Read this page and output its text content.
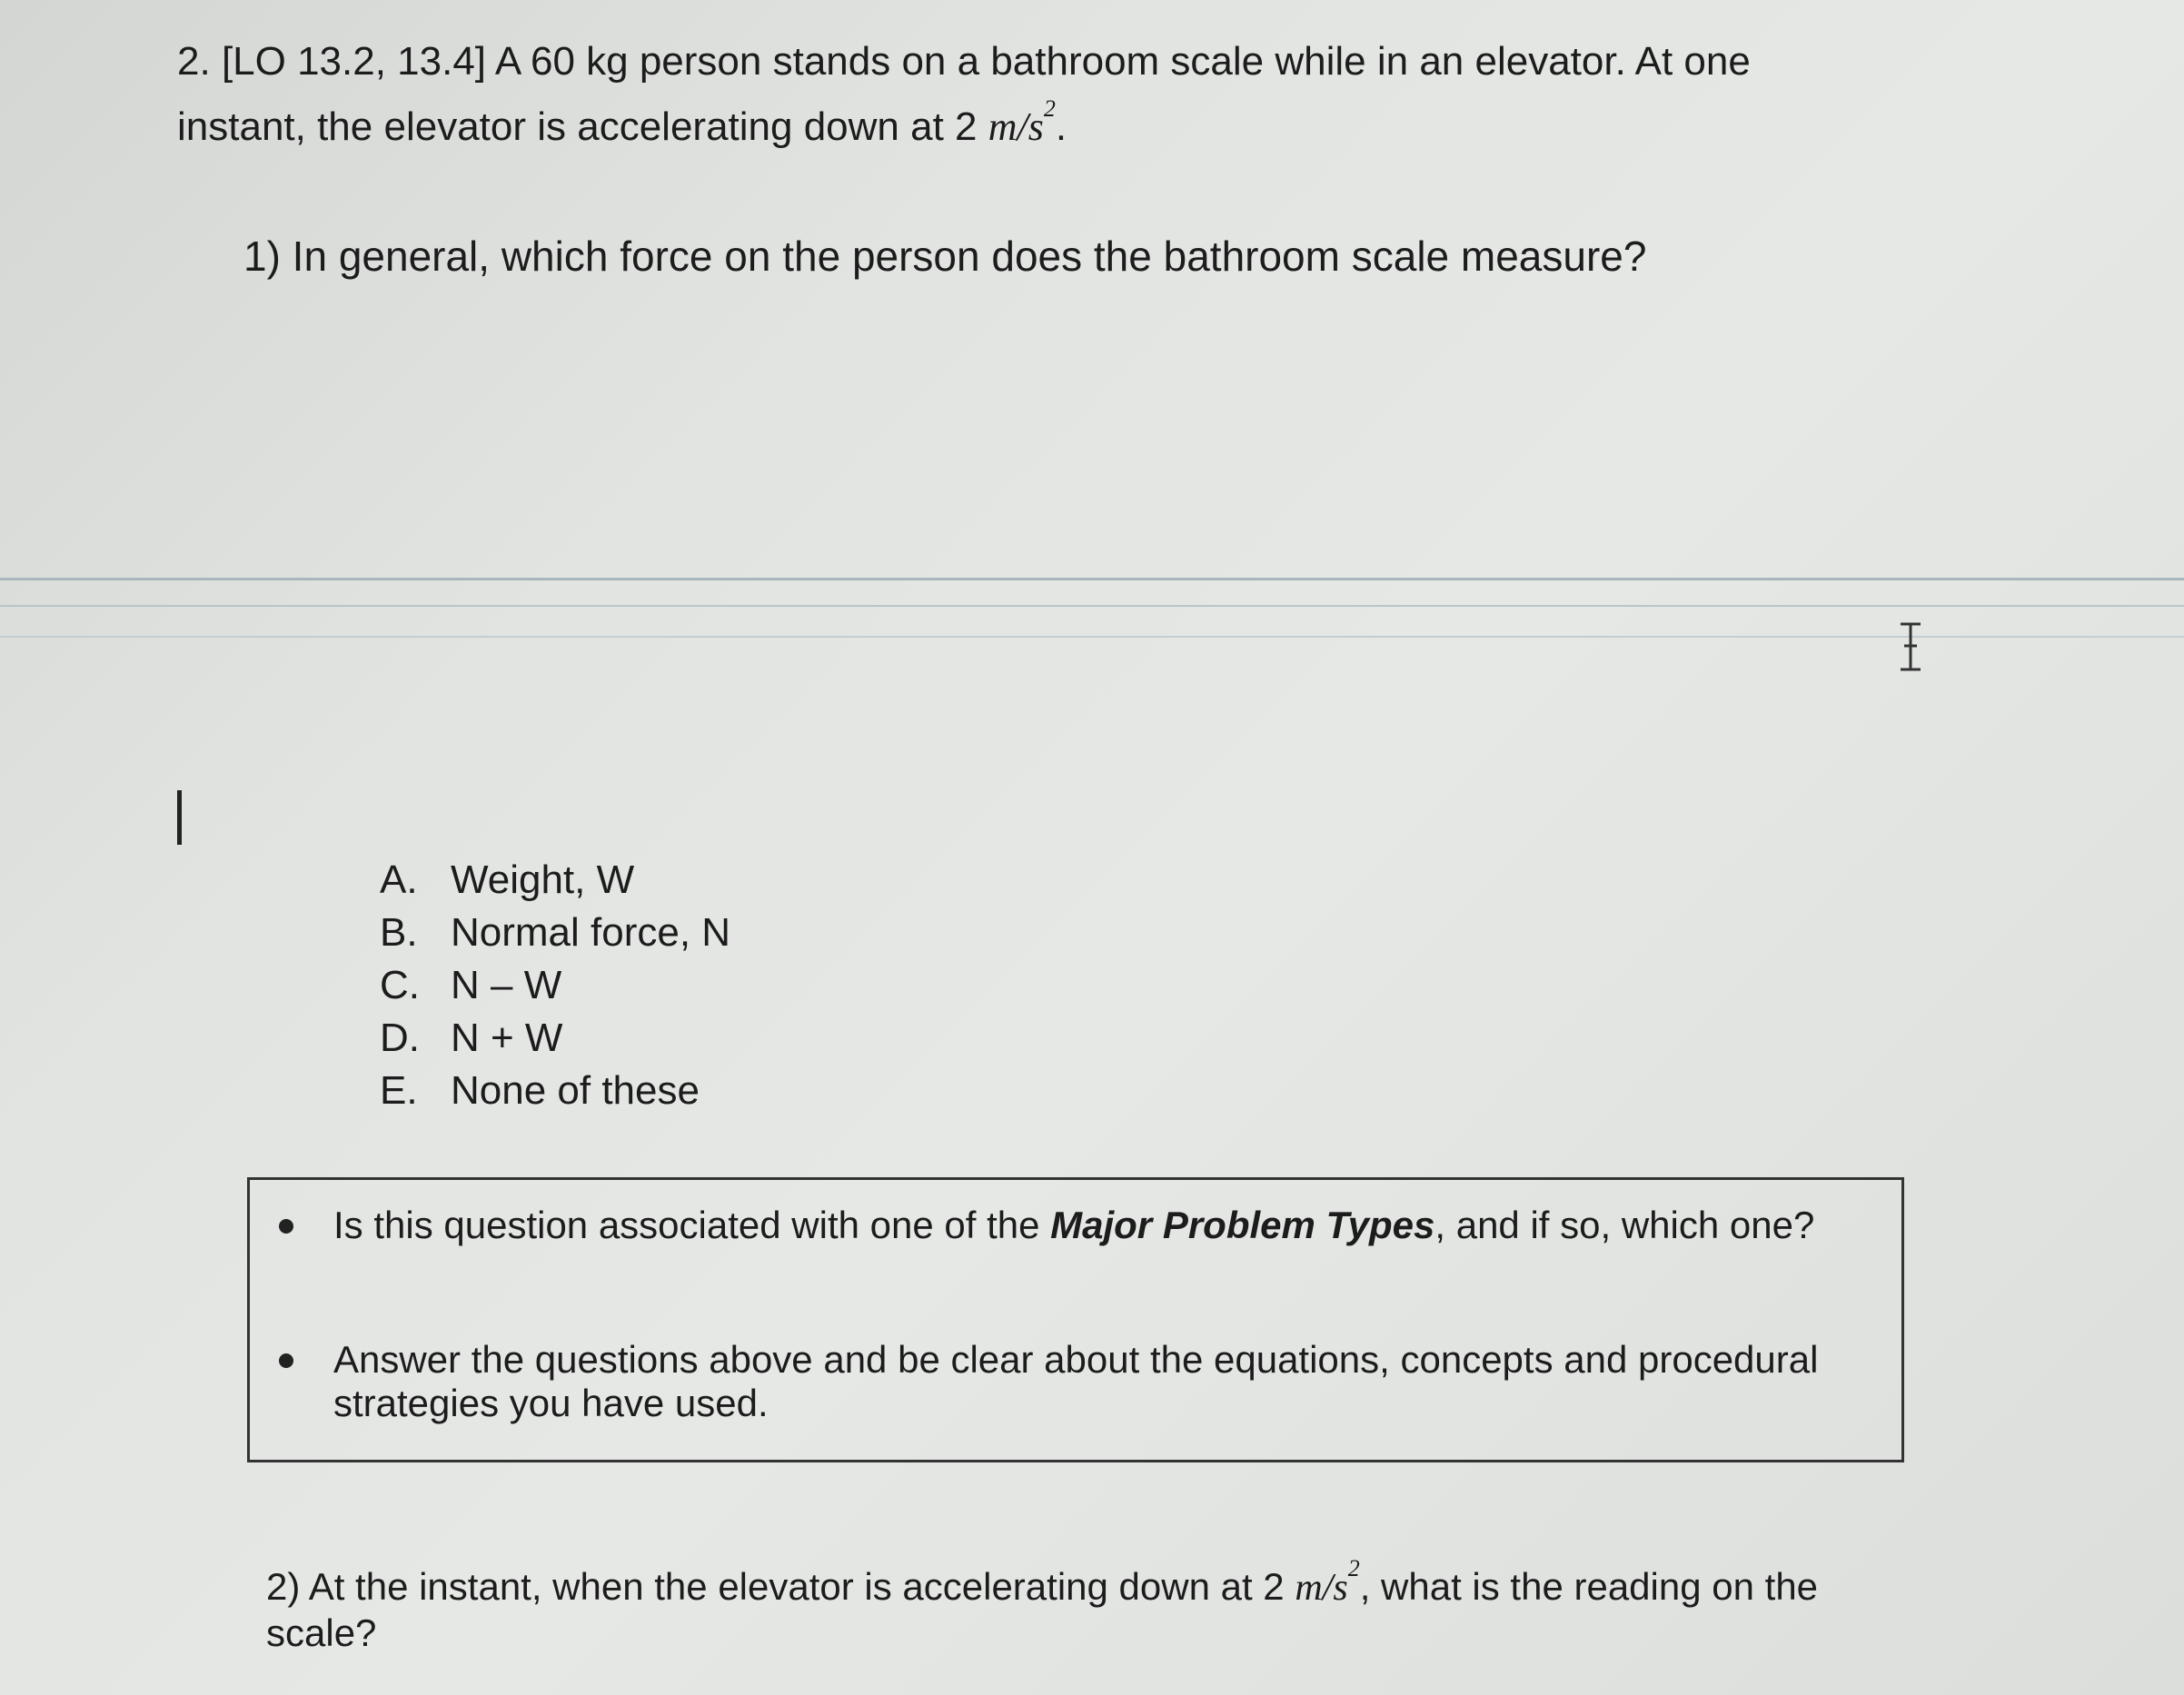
2. [LO 13.2, 13.4] A 60 kg person stands on a bathroom scale while in an elevator. At one instant, the elevator is accelerating down at 2 $m/s^2$.
1) In general, which force on the person does the bathroom scale measure?
A. Weight, W
B. Normal force, N
C. N – W
D. N + W
E. None of these
Is this question associated with one of the Major Problem Types, and if so, which one?
Answer the questions above and be clear about the equations, concepts and procedural strategies you have used.
2) At the instant, when the elevator is accelerating down at 2 $m/s^2$, what is the reading on the scale?
